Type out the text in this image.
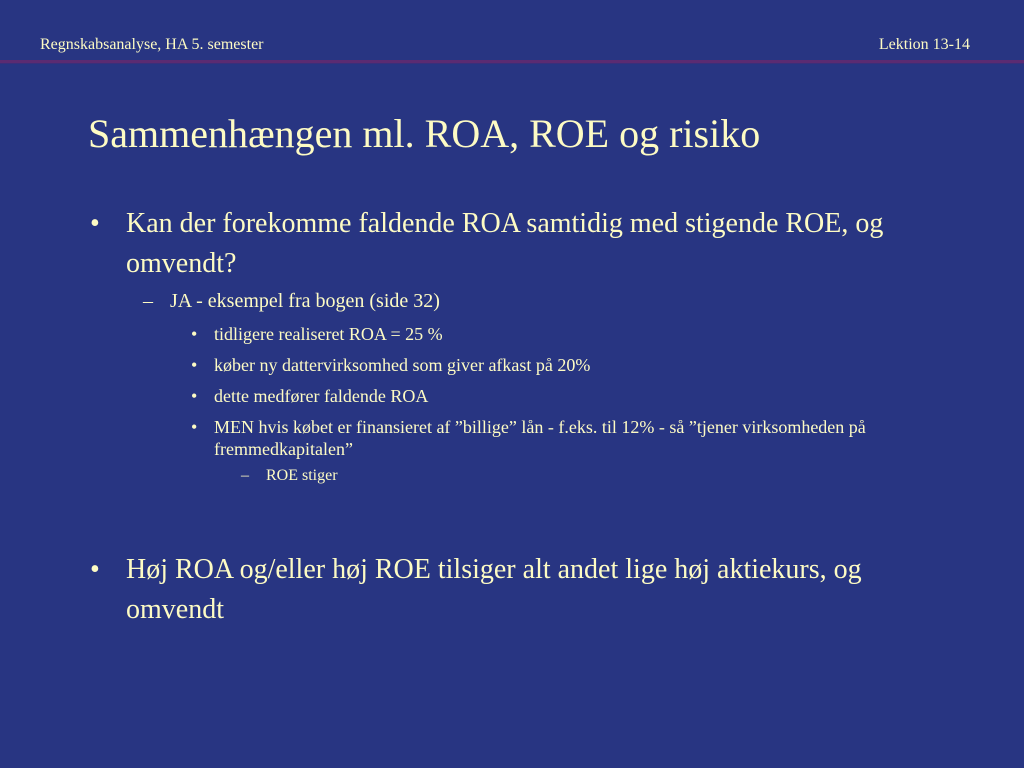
Regnskabsanalyse, HA 5. semester	Lektion 13-14
Sammenhængen ml. ROA, ROE og risiko
• Kan der forekomme faldende ROA samtidig med stigende ROE, og omvendt?
– JA - eksempel fra bogen (side 32)
• tidligere realiseret ROA = 25 %
• køber ny dattervirksomhed som giver afkast på 20%
• dette medfører faldende ROA
• MEN hvis købet er finansieret af ”billige” lån - f.eks. til 12% - så ”tjener virksomheden på fremmedkapitalen”
– ROE stiger
• Høj ROA og/eller høj ROE tilsiger alt andet lige høj aktiekurs, og omvendt
